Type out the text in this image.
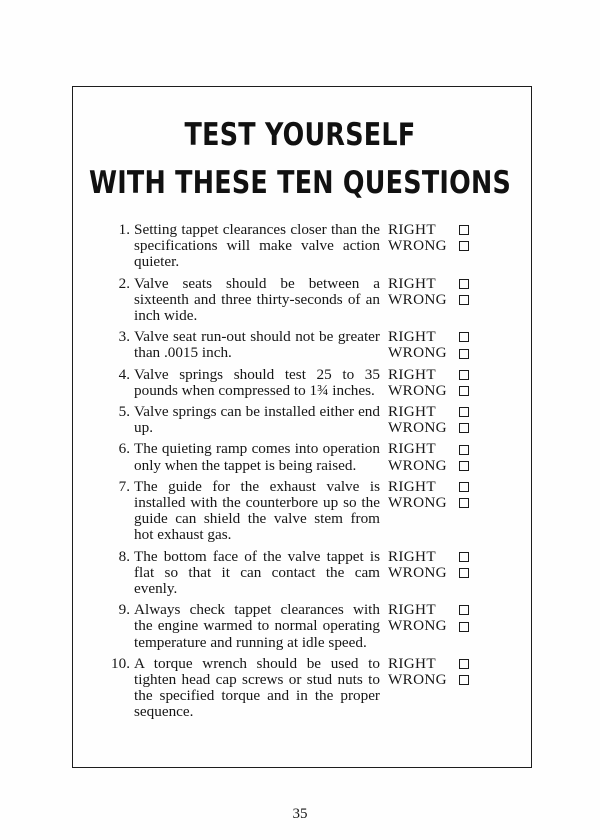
TEST YOURSELF
WITH THESE TEN QUESTIONS
1. Setting tappet clearances closer than the specifications will make valve action quieter.
RIGHT
WRONG
2. Valve seats should be between a sixteenth and three thirty-seconds of an inch wide.
RIGHT
WRONG
3. Valve seat run-out should not be greater than .0015 inch.
RIGHT
WRONG
4. Valve springs should test 25 to 35 pounds when compressed to 1¾ inches.
RIGHT
WRONG
5. Valve springs can be installed either end up.
RIGHT
WRONG
6. The quieting ramp comes into operation only when the tappet is being raised.
RIGHT
WRONG
7. The guide for the exhaust valve is installed with the counterbore up so the guide can shield the valve stem from hot exhaust gas.
RIGHT
WRONG
8. The bottom face of the valve tappet is flat so that it can contact the cam evenly.
RIGHT
WRONG
9. Always check tappet clearances with the engine warmed to normal operating temperature and running at idle speed.
RIGHT
WRONG
10. A torque wrench should be used to tighten head cap screws or stud nuts to the specified torque and in the proper sequence.
RIGHT
WRONG
35
